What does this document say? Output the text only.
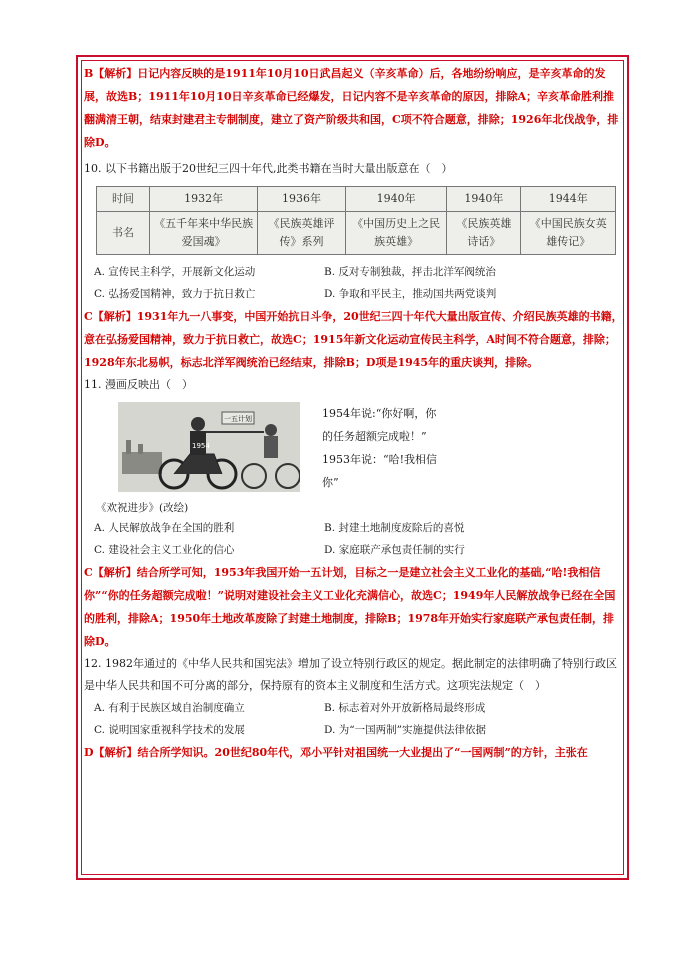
B【解析】日记内容反映的是1911年10月10日武昌起义（辛亥革命）后，各地纷纷响应，是辛亥革命的发展，故选B；1911年10月10日辛亥革命已经爆发，日记内容不是辛亥革命的原因，排除A；辛亥革命胜利推翻满清王朝，结束封建君主专制制度，建立了资产阶级共和国，C项不符合题意，排除；1926年北伐战争，排除D。
10. 以下书籍出版于20世纪三四十年代,此类书籍在当时大量出版意在（　）
时间	1932年	1936年	1940年	1940年	1944年
书名	《五千年来中华民族爱国魂》	《民族英雄评传》系列	《中国历史上之民族英雄》	《民族英雄诗话》	《中国民族女英雄传记》
A. 宣传民主科学，开展新文化运动	B. 反对专制独裁，抨击北洋军阀统治
C. 弘扬爱国精神，致力于抗日救亡	D. 争取和平民主，推动国共两党谈判
C【解析】1931年九一八事变，中国开始抗日斗争，20世纪三四十年代大量出版宣传、介绍民族英雄的书籍，意在弘扬爱国精神，致力于抗日救亡，故选C；1915年新文化运动宣传民主科学，A时间不符合题意，排除；1928年东北易帜，标志北洋军阀统治已经结束，排除B；D项是1945年的重庆谈判，排除。
11. 漫画反映出（　）
1954
一五计划	1954年说:“你好啊，你
的任务超额完成啦！”
1953年说：“哈!我相信
你”
《欢祝进步》(改绘)
A. 人民解放战争在全国的胜利	B. 封建土地制度废除后的喜悦
C. 建设社会主义工业化的信心	D. 家庭联产承包责任制的实行
C【解析】结合所学可知，1953年我国开始一五计划，目标之一是建立社会主义工业化的基础,“哈!我相信你”“你的任务超额完成啦！”说明对建设社会主义工业化充满信心，故选C；1949年人民解放战争已经在全国的胜利，排除A；1950年土地改革废除了封建土地制度，排除B；1978年开始实行家庭联产承包责任制，排除D。
12. 1982年通过的《中华人民共和国宪法》增加了设立特别行政区的规定。据此制定的法律明确了特别行政区是中华人民共和国不可分离的部分，保持原有的资本主义制度和生活方式。这项宪法规定（　）
A. 有利于民族区域自治制度确立	B. 标志着对外开放新格局最终形成
C. 说明国家重视科学技术的发展	D. 为“一国两制”实施提供法律依据
D【解析】结合所学知识。20世纪80年代，邓小平针对祖国统一大业提出了“一国两制”的方针，主张在
